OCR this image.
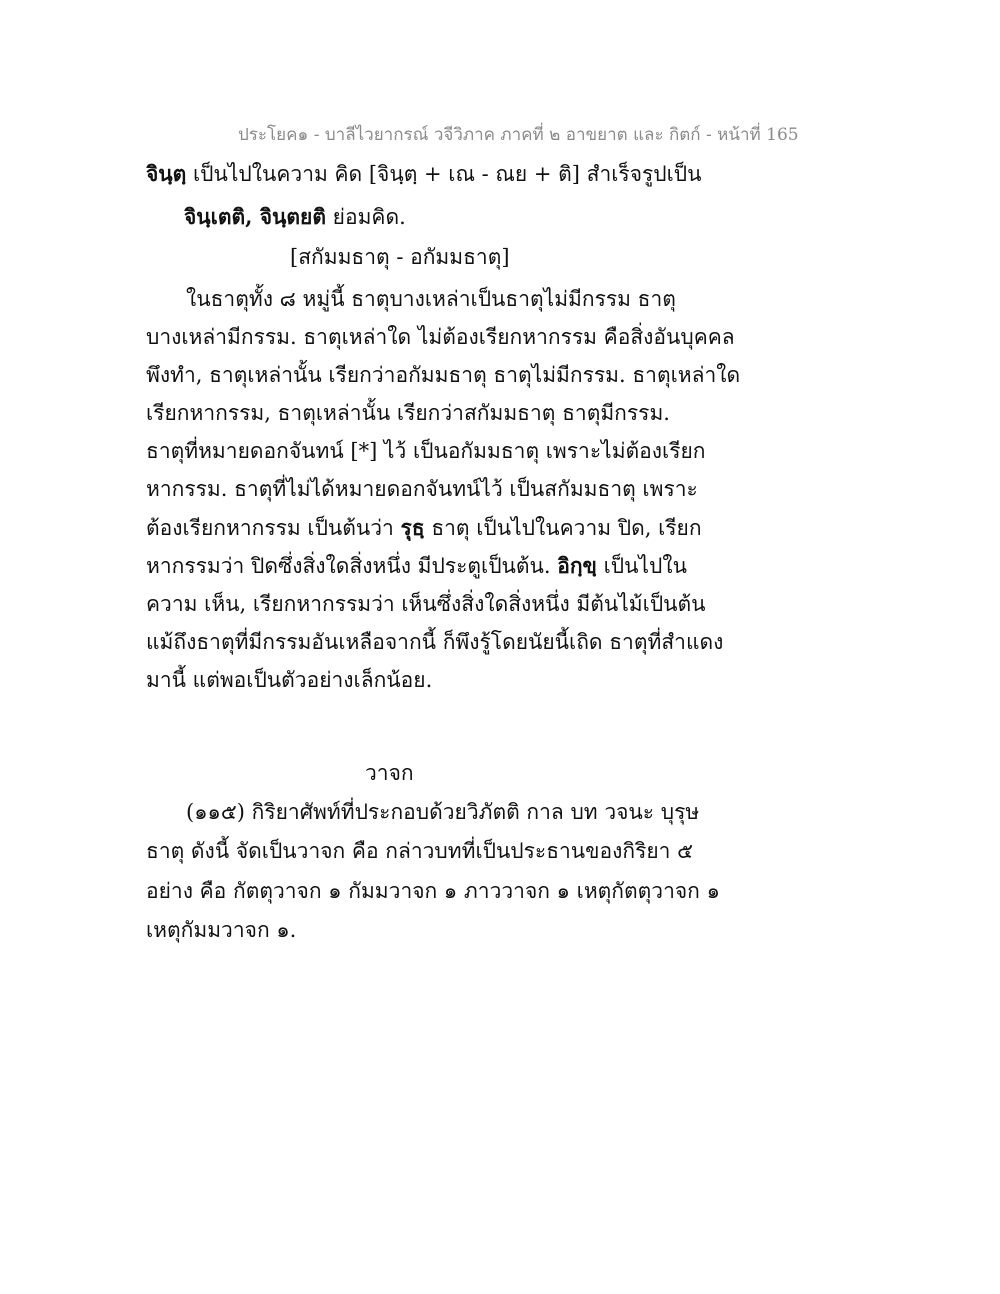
ประโยค๑ - บาลีไวยากรณ์ วจีวิภาค ภาคที่ ๒ อาขยาต และ กิตก์ - หน้าที่ 165
จินฺตฺ เป็นไปในความ คิด [จินฺตฺ + เณ - ณย + ติ] สำเร็จรูปเป็น
จินฺเตติ, จินฺตยติ ย่อมคิด.
[สกัมมธาตุ - อกัมมธาตุ]
ในธาตุทั้ง ๘ หมู่นี้ ธาตุบางเหล่าเป็นธาตุไม่มีกรรม ธาตุ
บางเหล่ามีกรรม. ธาตุเหล่าใด ไม่ต้องเรียกหากรรม คือสิ่งอันบุคคล
พึงทำ, ธาตุเหล่านั้น เรียกว่าอกัมมธาตุ ธาตุไม่มีกรรม. ธาตุเหล่าใด
เรียกหากรรม, ธาตุเหล่านั้น เรียกว่าสกัมมธาตุ ธาตุมีกรรม.
ธาตุที่หมายดอกจันทน์ [*] ไว้ เป็นอกัมมธาตุ เพราะไม่ต้องเรียก
หากรรม. ธาตุที่ไม่ได้หมายดอกจันทน์ไว้ เป็นสกัมมธาตุ เพราะ
ต้องเรียกหากรรม เป็นต้นว่า รุธฺ ธาตุ เป็นไปในความ ปิด, เรียก
หากรรมว่า ปิดซึ่งสิ่งใดสิ่งหนึ่ง มีประตูเป็นต้น. อิกฺขฺ เป็นไปใน
ความ เห็น, เรียกหากรรมว่า เห็นซึ่งสิ่งใดสิ่งหนึ่ง มีต้นไม้เป็นต้น
แม้ถึงธาตุที่มีกรรมอันเหลือจากนี้ ก็พึงรู้โดยนัยนี้เถิด ธาตุที่สำแดง
มานี้ แต่พอเป็นตัวอย่างเล็กน้อย.
วาจก
(๑๑๕) กิริยาศัพท์ที่ประกอบด้วยวิภัตติ กาล บท วจนะ บุรุษ
ธาตุ ดังนี้ จัดเป็นวาจก คือ กล่าวบทที่เป็นประธานของกิริยา ๕
อย่าง คือ กัตตุวาจก ๑ กัมมวาจก ๑ ภาววาจก ๑ เหตุกัตตุวาจก ๑
เหตุกัมมวาจก ๑.
